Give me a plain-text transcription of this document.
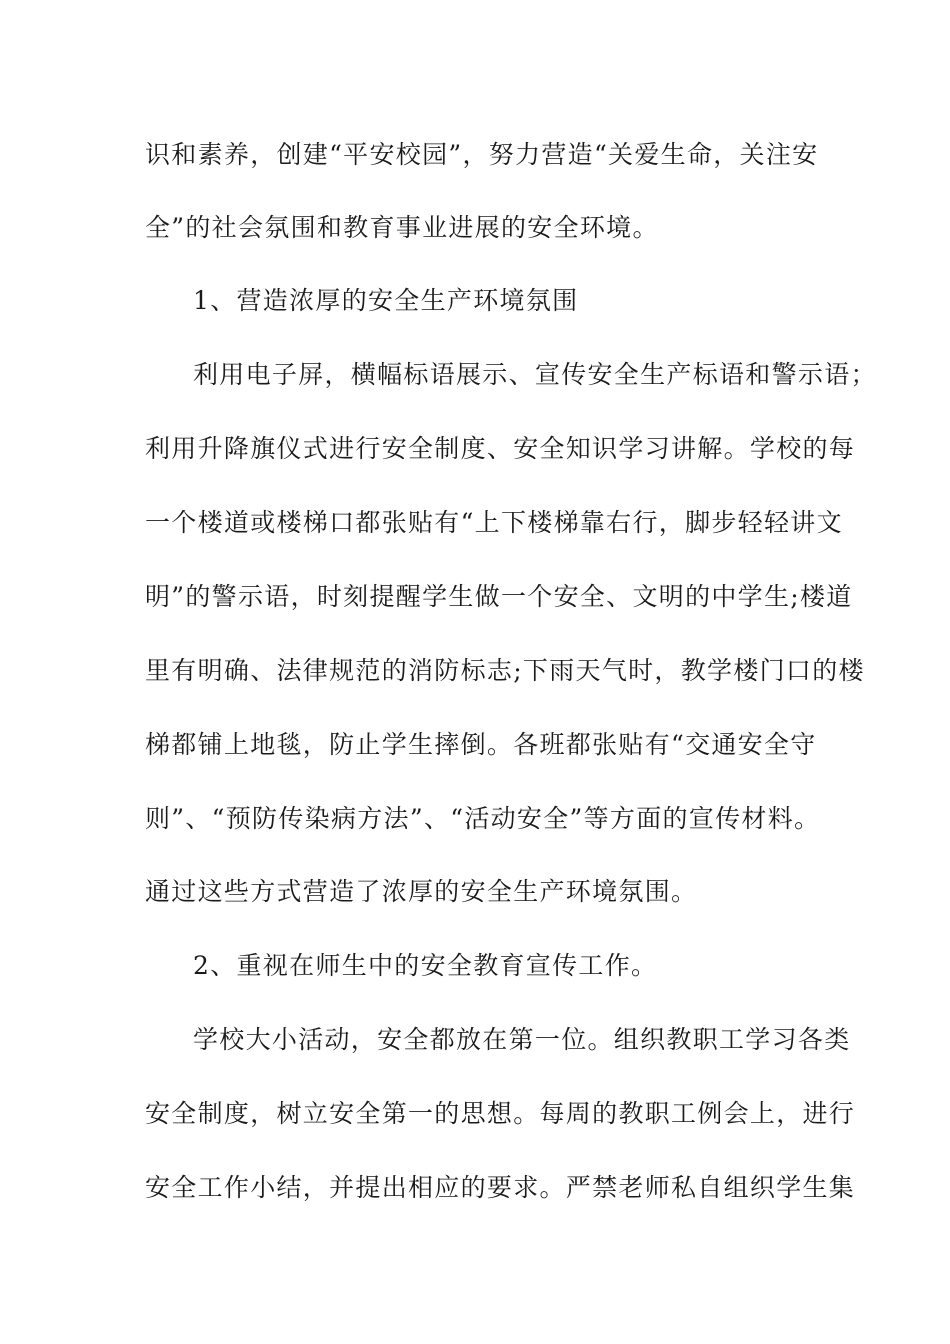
识和素养，创建“平安校园”，努力营造“关爱生命，关注安
全”的社会氛围和教育事业进展的安全环境。
1、营造浓厚的安全生产环境氛围
利用电子屏，横幅标语展示、宣传安全生产标语和警示语；
利用升降旗仪式进行安全制度、安全知识学习讲解。学校的每
一个楼道或楼梯口都张贴有“上下楼梯靠右行，脚步轻轻讲文
明”的警示语，时刻提醒学生做一个安全、文明的中学生;楼道
里有明确、法律规范的消防标志;下雨天气时，教学楼门口的楼
梯都铺上地毯，防止学生摔倒。各班都张贴有“交通安全守
则”、“预防传染病方法”、“活动安全”等方面的宣传材料。
通过这些方式营造了浓厚的安全生产环境氛围。
2、重视在师生中的安全教育宣传工作。
学校大小活动，安全都放在第一位。组织教职工学习各类
安全制度，树立安全第一的思想。每周的教职工例会上，进行
安全工作小结，并提出相应的要求。严禁老师私自组织学生集
